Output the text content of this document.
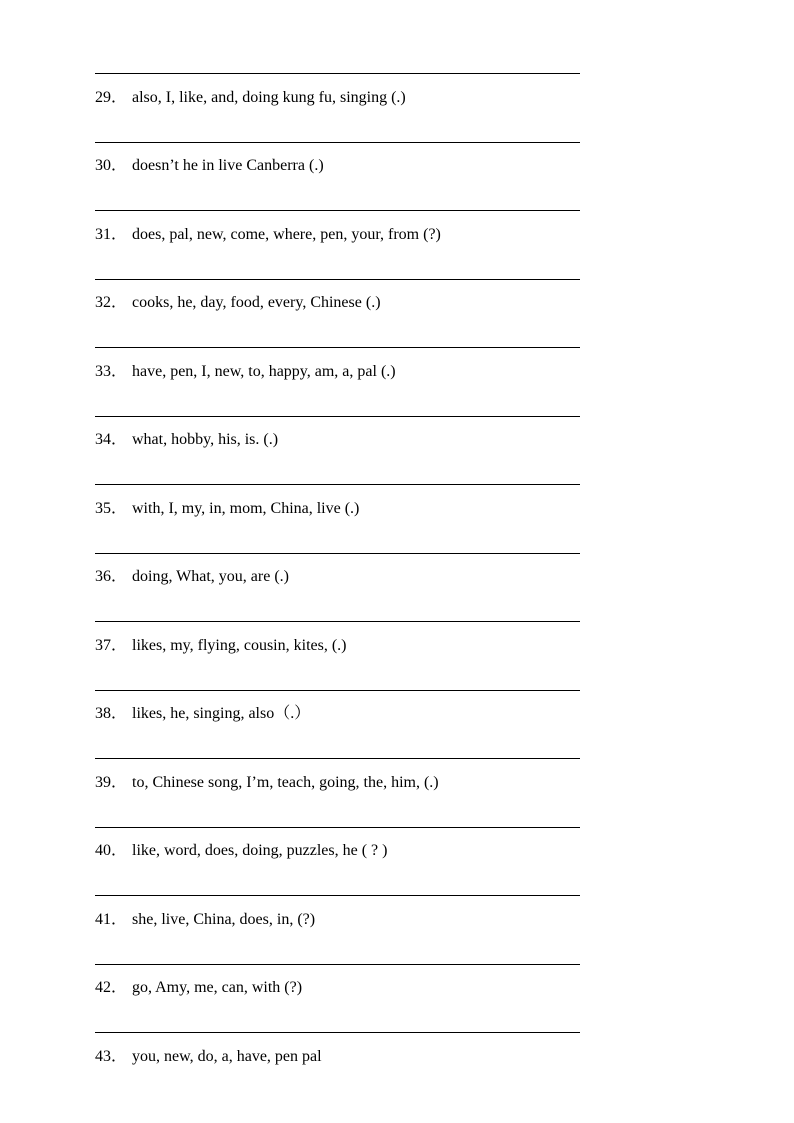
29． also, I, like, and, doing kung fu, singing (.)
30． doesn’t he in live Canberra (.)
31． does, pal, new, come, where, pen, your, from (?)
32． cooks, he, day, food, every, Chinese (.)
33． have, pen, I, new, to, happy, am, a, pal (.)
34． what, hobby, his, is. (.)
35． with, I, my, in, mom, China, live (.)
36． doing, What, you, are (.)
37． likes, my, flying, cousin, kites, (.)
38． likes, he, singing, also（.）
39． to, Chinese song, I’m, teach, going, the, him, (.)
40． like, word, does, doing, puzzles, he ( ? )
41． she, live, China, does, in, (?)
42． go, Amy, me, can, with (?)
43． you, new, do, a, have, pen pal
